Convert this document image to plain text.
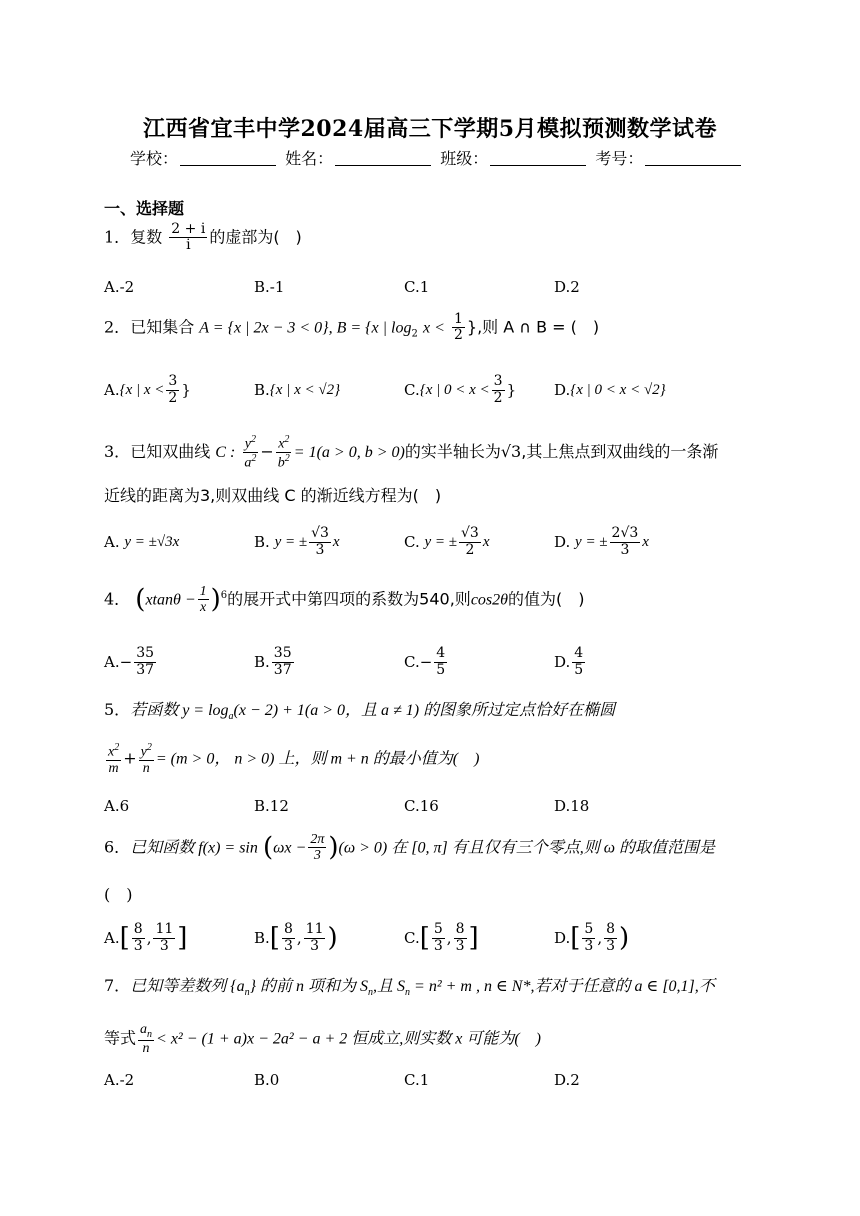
江西省宜丰中学2024届高三下学期5月模拟预测数学试卷
学校：	姓名：	班级：	考号：
一、选择题
1．复数 $\frac{2 + i}{i}$ 的虚部为(　)
A.-2	B.-1	C.1	D.2
2．已知集合 A = {x | 2x − 3 < 0}, B = {x | $\log_2 x < \frac{1}{2}$ },则 A ∩ B = (　)
A. {x | $x < \frac{3}{2}$ }	B. {x | x < √2}	C. {x | $0 < x < \frac{3}{2}$ }	D. {x | 0 < x < √2}
3．已知双曲线 C : $\frac{y^2}{a^2} - \frac{x^2}{b^2} = 1(a > 0$, b > 0)的实半轴长为√3,其上焦点到双曲线的一条渐
近线的距离为3,则双曲线 C 的渐近线方程为(　)
A. y = ±√3x	B. y = ± $\frac{√3}{3}$ x	C. y = ± $\frac{√3}{2}$ x	D. y = ± $\frac{2√3}{3}$ x
4． $(xtan\theta - \frac{1}{x} )^6$的展开式中第四项的系数为540,则cos2θ的值为(　)
A. − $\frac{35}{37}$	B. $\frac{35}{37}$	C. − $\frac{4}{5}$	D. $\frac{4}{5}$
5．若函数 $y = \log_a(x - 2) + 1(a > 0$，且 a ≠ 1) 的图象所过定点恰好在椭圆
$\frac{x^2}{m} + \frac{y^2}{n} = (m > 0$， n > 0) 上，则 m + n 的最小值为(　)
A.6	B.12	C.16	D.18
6．已知函数 $f(x) = \sin (\omega x - \frac{2\pi}{3} )(\omega > 0)$ 在 [0, π] 有且仅有三个零点,则 ω 的取值范围是
(　)
A. [ $\frac{8}{3}$ , $\frac{11}{3}$ ]	B. [ $\frac{8}{3}$ , $\frac{11}{3}$ )	C. [ $\frac{5}{3}$ , $\frac{8}{3}$ ]	D. [ $\frac{5}{3}$ , $\frac{8}{3}$ )
7．已知等差数列 $\{a_n\}$ 的前 n 项和为 $S_n$,且 $S_n = n^2 + m$ , n ∈ N*,若对于任意的 a ∈ [0,1],不
等式 $\frac{a_n}{n} < x^2 - (1 + a)x - 2a^2 - a + 2$ 恒成立,则实数 x 可能为(　)
A.-2	B.0	C.1	D.2
